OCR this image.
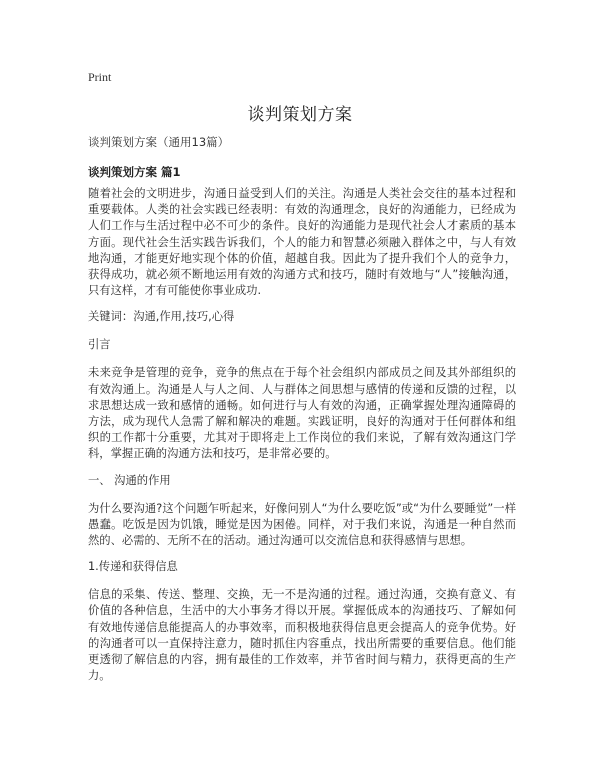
Print
谈判策划方案

谈判策划方案（通用13篇）

谈判策划方案 篇1

随着社会的文明进步，沟通日益受到人们的关注。沟通是人类社会交往的基本过程和重要载体。人类的社会实践已经表明：有效的沟通理念，良好的沟通能力，已经成为人们工作与生活过程中必不可少的条件。良好的沟通能力是现代社会人才素质的基本方面。现代社会生活实践告诉我们，个人的能力和智慧必须融入群体之中，与人有效地沟通，才能更好地实现个体的价值，超越自我。因此为了提升我们个人的竞争力，获得成功，就必须不断地运用有效的沟通方式和技巧，随时有效地与“人”接触沟通，只有这样，才有可能使你事业成功.

关键词：沟通,作用,技巧,心得

引言

未来竞争是管理的竞争，竞争的焦点在于每个社会组织内部成员之间及其外部组织的有效沟通上。沟通是人与人之间、人与群体之间思想与感情的传递和反馈的过程，以求思想达成一致和感情的通畅。如何进行与人有效的沟通，正确掌握处理沟通障碍的方法，成为现代人急需了解和解决的难题。实践证明，良好的沟通对于任何群体和组织的工作都十分重要，尤其对于即将走上工作岗位的我们来说，了解有效沟通这门学科，掌握正确的沟通方法和技巧，是非常必要的。

一、 沟通的作用

为什么要沟通?这个问题乍听起来，好像问别人“为什么要吃饭”或“为什么要睡觉”一样愚蠢。吃饭是因为饥饿，睡觉是因为困倦。同样，对于我们来说，沟通是一种自然而然的、必需的、无所不在的活动。通过沟通可以交流信息和获得感情与思想。

1.传递和获得信息

信息的采集、传送、整理、交换，无一不是沟通的过程。通过沟通，交换有意义、有价值的各种信息，生活中的大小事务才得以开展。掌握低成本的沟通技巧、了解如何有效地传递信息能提高人的办事效率，而积极地获得信息更会提高人的竞争优势。好的沟通者可以一直保持注意力，随时抓住内容重点，找出所需要的重要信息。他们能更透彻了解信息的内容，拥有最佳的工作效率，并节省时间与精力，获得更高的生产力。
